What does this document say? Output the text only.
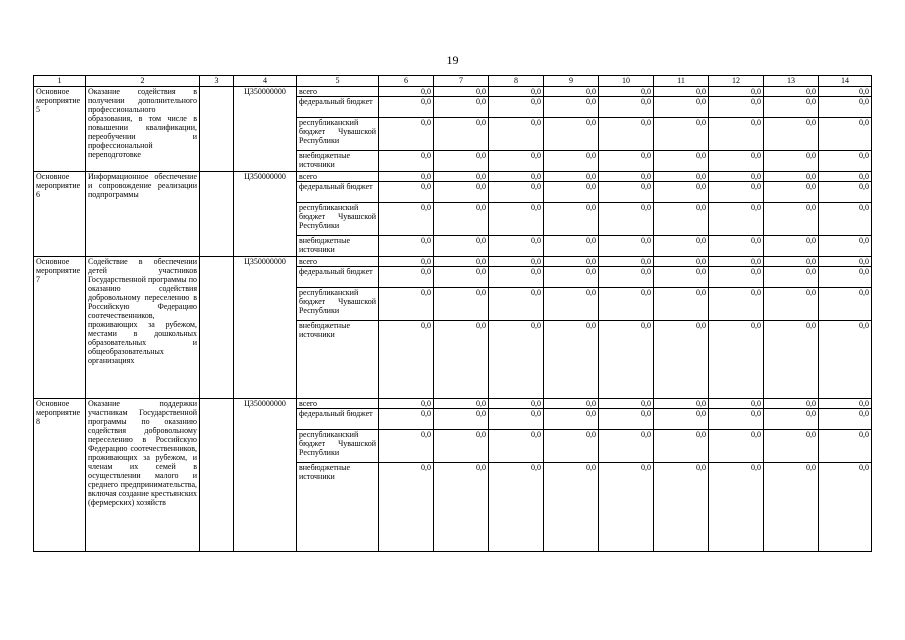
19
1	2	3	4	5	6	7	8	9	10	11	12	13	14
Основное мероприятие 5	Оказание содействия в получении дополнительного профессионального образования, в том числе в повышении квалификации, переобучении и профессиональной переподготовке		Ц350000000	всего	0,0	0,0	0,0	0,0	0,0	0,0	0,0	0,0	0,0
				федеральный бюджет	0,0	0,0	0,0	0,0	0,0	0,0	0,0	0,0	0,0
				республиканский бюджет Чувашской Республики	0,0	0,0	0,0	0,0	0,0	0,0	0,0	0,0	0,0
				внебюджетные источники	0,0	0,0	0,0	0,0	0,0	0,0	0,0	0,0	0,0
Основное мероприятие 6	Информационное обеспечение и сопровождение реализации подпрограммы		Ц350000000	всего	0,0	0,0	0,0	0,0	0,0	0,0	0,0	0,0	0,0
				федеральный бюджет	0,0	0,0	0,0	0,0	0,0	0,0	0,0	0,0	0,0
				республиканский бюджет Чувашской Республики	0,0	0,0	0,0	0,0	0,0	0,0	0,0	0,0	0,0
				внебюджетные источники	0,0	0,0	0,0	0,0	0,0	0,0	0,0	0,0	0,0
Основное мероприятие 7	Содействие в обеспечении детей участников Государственной программы по оказанию содействия добровольному переселению в Российскую Федерацию соотечественников, проживающих за рубежом, местами в дошкольных образовательных и общеобразовательных организациях		Ц350000000	всего	0,0	0,0	0,0	0,0	0,0	0,0	0,0	0,0	0,0
				федеральный бюджет	0,0	0,0	0,0	0,0	0,0	0,0	0,0	0,0	0,0
				республиканский бюджет Чувашской Республики	0,0	0,0	0,0	0,0	0,0	0,0	0,0	0,0	0,0
				внебюджетные источники	0,0	0,0	0,0	0,0	0,0	0,0	0,0	0,0	0,0
Основное мероприятие 8	Оказание поддержки участникам Государственной программы по оказанию содействия добровольному переселению в Российскую Федерацию соотечественников, проживающих за рубежом, и членам их семей в осуществлении малого и среднего предпринимательства, включая создание крестьянских (фермерских) хозяйств		Ц350000000	всего	0,0	0,0	0,0	0,0	0,0	0,0	0,0	0,0	0,0
				федеральный бюджет	0,0	0,0	0,0	0,0	0,0	0,0	0,0	0,0	0,0
				республиканский бюджет Чувашской Республики	0,0	0,0	0,0	0,0	0,0	0,0	0,0	0,0	0,0
				внебюджетные источники	0,0	0,0	0,0	0,0	0,0	0,0	0,0	0,0	0,0
